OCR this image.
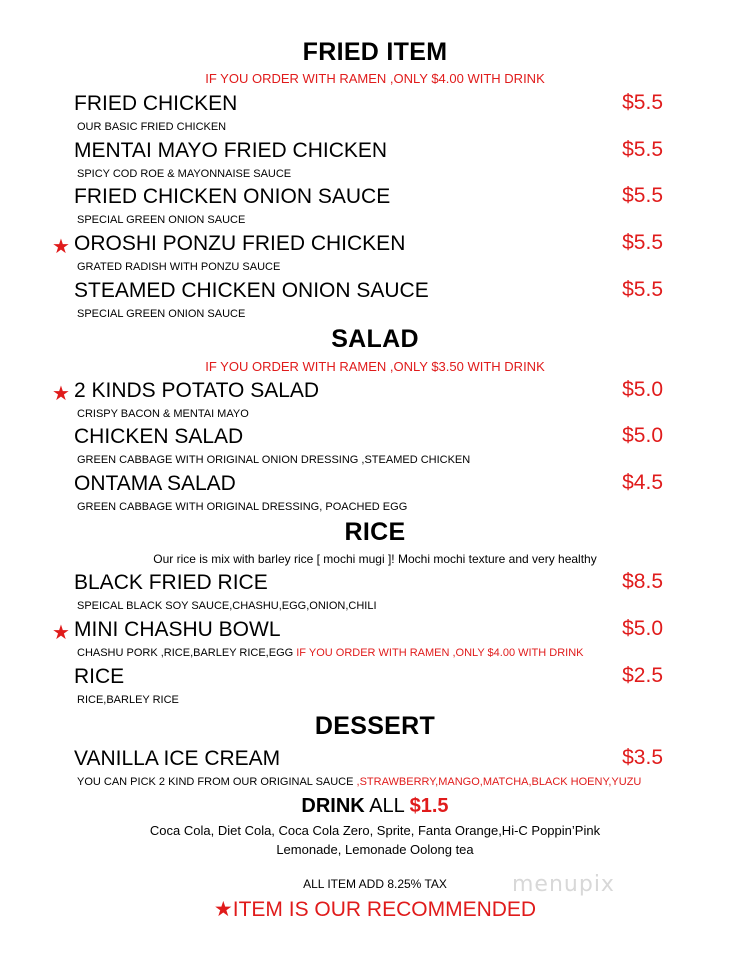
FRIED ITEM
IF YOU ORDER WITH RAMEN ,ONLY $4.00 WITH DRINK
FRIED CHICKEN	$5.5
OUR BASIC FRIED CHICKEN
MENTAI MAYO FRIED CHICKEN	$5.5
SPICY COD ROE & MAYONNAISE SAUCE
FRIED CHICKEN ONION SAUCE	$5.5
SPECIAL GREEN ONION SAUCE
★ OROSHI PONZU FRIED CHICKEN	$5.5
GRATED RADISH WITH PONZU SAUCE
STEAMED CHICKEN ONION SAUCE	$5.5
SPECIAL GREEN ONION SAUCE
SALAD
IF YOU ORDER WITH RAMEN ,ONLY $3.50 WITH DRINK
★ 2 KINDS POTATO SALAD	$5.0
CRISPY BACON & MENTAI MAYO
CHICKEN SALAD	$5.0
GREEN CABBAGE WITH ORIGINAL ONION DRESSING ,STEAMED CHICKEN
ONTAMA SALAD	$4.5
GREEN CABBAGE WITH ORIGINAL DRESSING, POACHED EGG
RICE
Our rice is mix with barley rice [ mochi mugi ]! Mochi mochi texture and very healthy
BLACK FRIED RICE	$8.5
SPEICAL BLACK SOY SAUCE,CHASHU,EGG,ONION,CHILI
★ MINI CHASHU BOWL	$5.0
CHASHU PORK ,RICE,BARLEY RICE,EGG IF YOU ORDER WITH RAMEN ,ONLY $4.00 WITH DRINK
RICE	$2.5
RICE,BARLEY RICE
DESSERT
VANILLA ICE CREAM	$3.5
YOU CAN PICK 2 KIND FROM OUR ORIGINAL SAUCE ,STRAWBERRY,MANGO,MATCHA,BLACK HOENY,YUZU
DRINK ALL $1.5
Coca Cola, Diet Cola, Coca Cola Zero, Sprite, Fanta Orange,Hi-C Poppin’Pink
Lemonade, Lemonade Oolong tea
ALL ITEM ADD 8.25% TAX
★ITEM IS OUR RECOMMENDED
menupix
